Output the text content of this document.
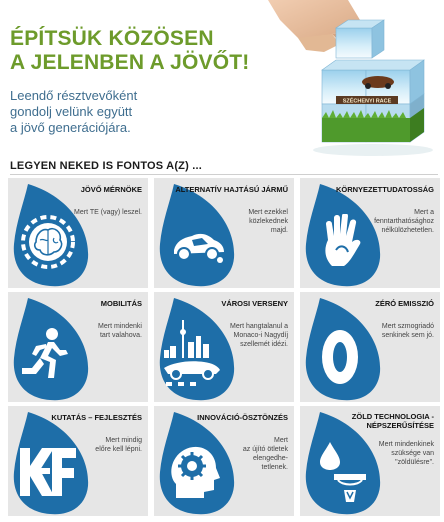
ÉPÍTSÜK KÖZÖSEN
A JELENBEN A JÖVŐT!
Leendő résztvevőként
gondolj velünk együtt
a jövő generációjára.
SZÉCHENYI RACE
LEGYEN NEKED IS FONTOS A(Z) ...
JÖVŐ MÉRNÖKE
Mert TE (vagy) leszel.
ALTERNATÍV HAJTÁSÚ JÁRMŰ
Mert ezekkel
közlekednek
majd.
KÖRNYEZETTUDATOSSÁG
Mert a
fenntarthatósághoz
nélkülözhetetlen.
MOBILITÁS
Mert mindenki
tart valahova.
VÁROSI VERSENY
Mert hangtalanul a
Monaco-i Nagydíj
szellemét idézi.
ZÉRÓ EMISSZIÓ
Mert szmogriadó
senkinek sem jó.
KUTATÁS – FEJLESZTÉS
Mert mindig
előre kell lépni.
INNOVÁCIÓ-ÖSZTÖNZÉS
Mert
az újító ötletek
elengedhe-
tetlenek.
ZÖLD TECHNOLOGIA -
NÉPSZERŰSÍTÉSE
Mert mindenkinek
szüksége van
"zöldülésre".
